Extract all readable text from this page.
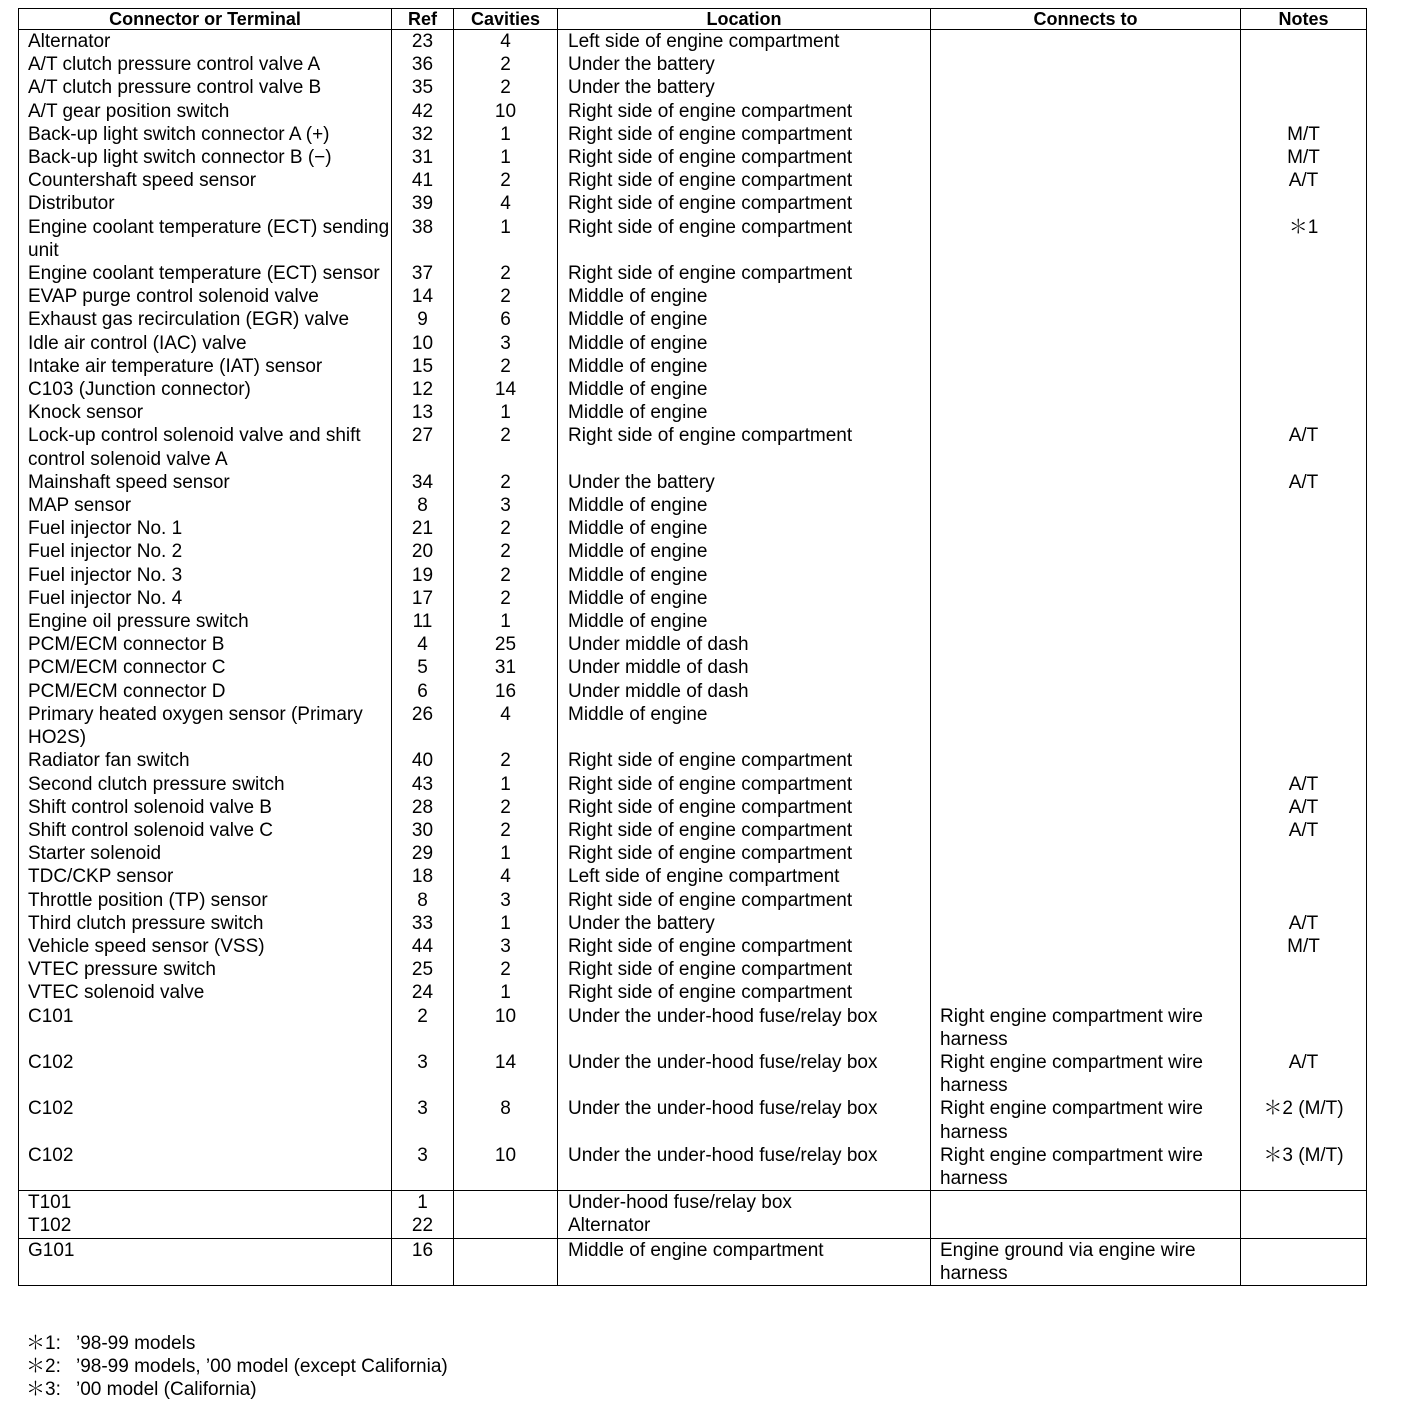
Connector or Terminal	Ref	Cavities	Location	Connects to	Notes
Alternator	23	4	Left side of engine compartment		
A/T clutch pressure control valve A	36	2	Under the battery		
A/T clutch pressure control valve B	35	2	Under the battery		
A/T gear position switch	42	10	Right side of engine compartment		
Back-up light switch connector A (+)	32	1	Right side of engine compartment		M/T
Back-up light switch connector B (−)	31	1	Right side of engine compartment		M/T
Countershaft speed sensor	41	2	Right side of engine compartment		A/T
Distributor	39	4	Right side of engine compartment		
Engine coolant temperature (ECT) sending unit	38	1	Right side of engine compartment		＊1
Engine coolant temperature (ECT) sensor	37	2	Right side of engine compartment		
EVAP purge control solenoid valve	14	2	Middle of engine		
Exhaust gas recirculation (EGR) valve	9	6	Middle of engine		
Idle air control (IAC) valve	10	3	Middle of engine		
Intake air temperature (IAT) sensor	15	2	Middle of engine		
C103 (Junction connector)	12	14	Middle of engine		
Knock sensor	13	1	Middle of engine		
Lock-up control solenoid valve and shift control solenoid valve A	27	2	Right side of engine compartment		A/T
Mainshaft speed sensor	34	2	Under the battery		A/T
MAP sensor	8	3	Middle of engine		
Fuel injector No. 1	21	2	Middle of engine		
Fuel injector No. 2	20	2	Middle of engine		
Fuel injector No. 3	19	2	Middle of engine		
Fuel injector No. 4	17	2	Middle of engine		
Engine oil pressure switch	11	1	Middle of engine		
PCM/ECM connector B	4	25	Under middle of dash		
PCM/ECM connector C	5	31	Under middle of dash		
PCM/ECM connector D	6	16	Under middle of dash		
Primary heated oxygen sensor (Primary HO2S)	26	4	Middle of engine		
Radiator fan switch	40	2	Right side of engine compartment		
Second clutch pressure switch	43	1	Right side of engine compartment		A/T
Shift control solenoid valve B	28	2	Right side of engine compartment		A/T
Shift control solenoid valve C	30	2	Right side of engine compartment		A/T
Starter solenoid	29	1	Right side of engine compartment		
TDC/CKP sensor	18	4	Left side of engine compartment		
Throttle position (TP) sensor	8	3	Right side of engine compartment		
Third clutch pressure switch	33	1	Under the battery		A/T
Vehicle speed sensor (VSS)	44	3	Right side of engine compartment		M/T
VTEC pressure switch	25	2	Right side of engine compartment		
VTEC solenoid valve	24	1	Right side of engine compartment		
C101	2	10	Under the under-hood fuse/relay box	Right engine compartment wire harness	
C102	3	14	Under the under-hood fuse/relay box	Right engine compartment wire harness	A/T
C102	3	8	Under the under-hood fuse/relay box	Right engine compartment wire harness	＊2 (M/T)
C102	3	10	Under the under-hood fuse/relay box	Right engine compartment wire harness	＊3 (M/T)
T101	1		Under-hood fuse/relay box		
T102	22		Alternator		
G101	16		Middle of engine compartment	Engine ground via engine wire harness	
＊1: ’98-99 models
＊2: ’98-99 models, ’00 model (except California)
＊3: ’00 model (California)
